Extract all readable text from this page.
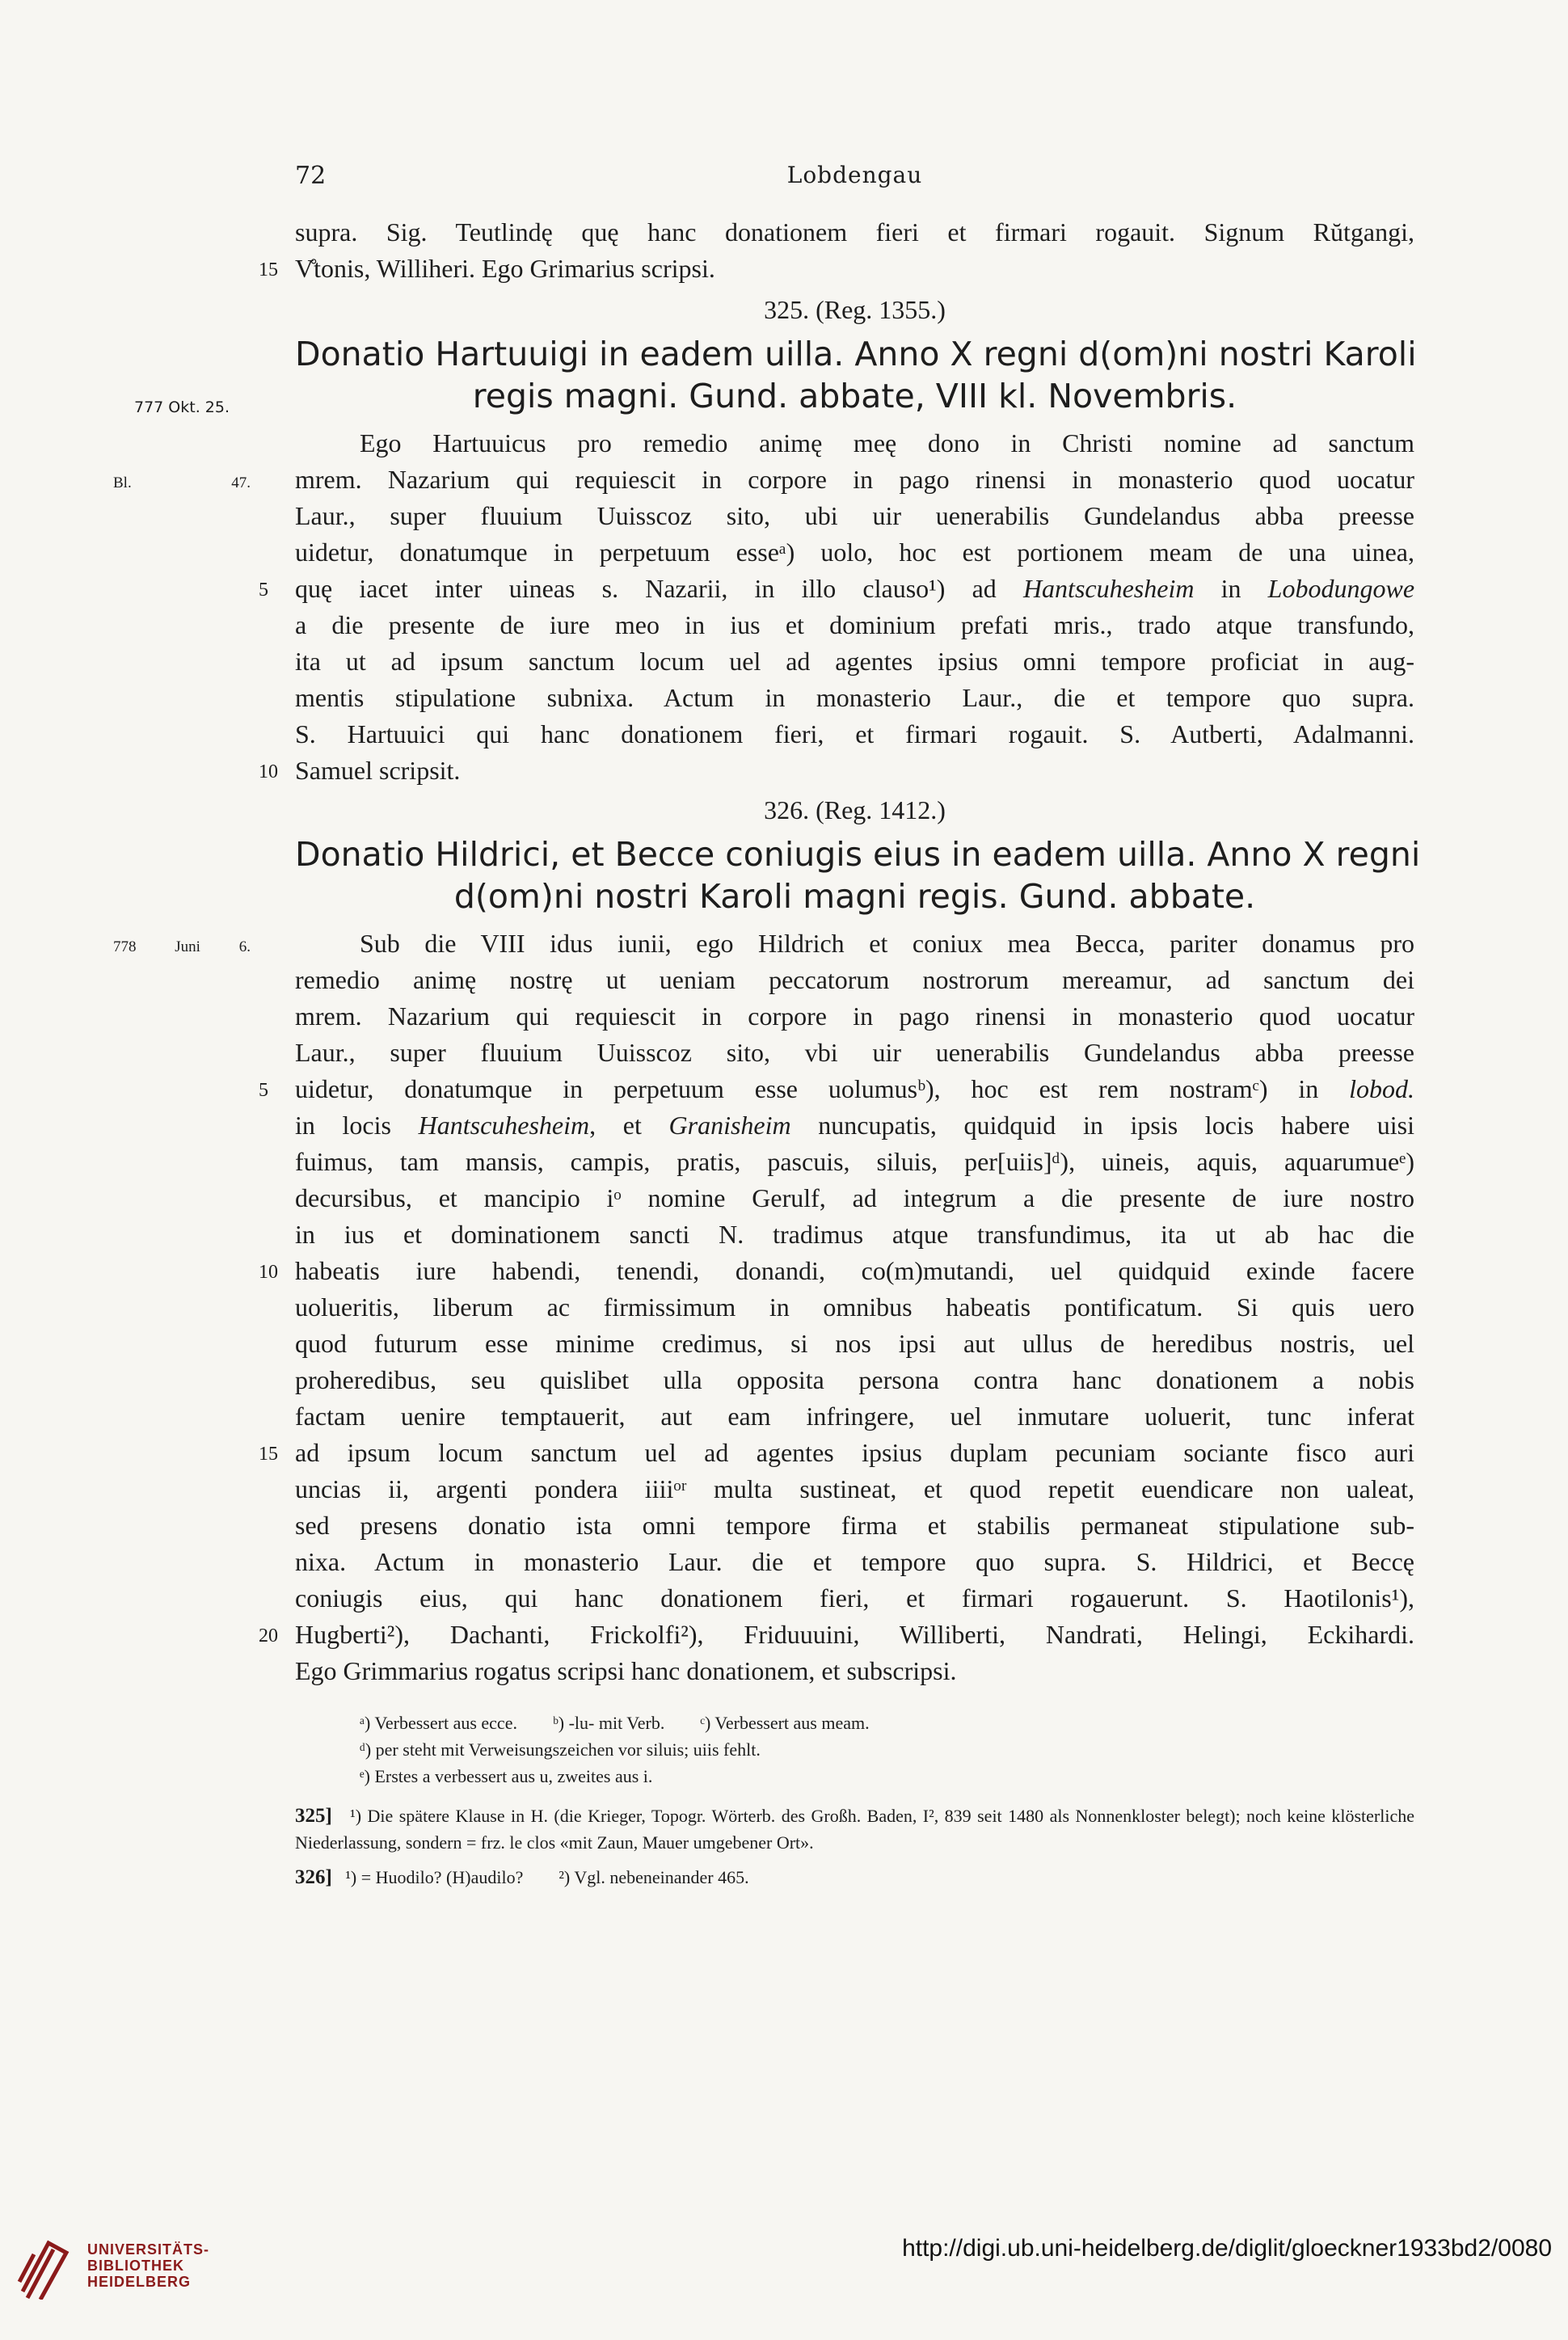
72	Lobdengau
supra. Sig. Teutlindę quę hanc donationem fieri et firmari rogauit. Signum Rŭtgangi,
15 V̊tonis, Williheri. Ego Grimarius scripsi.
325. (Reg. 1355.)
Donatio Hartuuigi in eadem uilla. Anno X regni d(om)ni nostri Karoli
777 Okt. 25.	regis magni. Gund. abbate, VIII kl. Novembris.
Ego Hartuuicus pro remedio animę meę dono in Christi nomine ad sanctum
Bl. 47. mrem. Nazarium qui requiescit in corpore in pago rinensi in monasterio quod uocatur
Laur., super fluuium Uuisscoz sito, ubi uir uenerabilis Gundelandus abba preesse
uidetur, donatumque in perpetuum esseᵃ) uolo, hoc est portionem meam de una uinea,
5 quę iacet inter uineas s. Nazarii, in illo clauso¹) ad Hantscuhesheim in Lobodungowe
a die presente de iure meo in ius et dominium prefati mris., trado atque transfundo,
ita ut ad ipsum sanctum locum uel ad agentes ipsius omni tempore proficiat in aug-
mentis stipulatione subnixa. Actum in monasterio Laur., die et tempore quo supra.
S. Hartuuici qui hanc donationem fieri, et firmari rogauit. S. Autberti, Adalmanni.
10 Samuel scripsit.
326. (Reg. 1412.)
Donatio Hildrici, et Becce coniugis eius in eadem uilla. Anno X regni
d(om)ni nostri Karoli magni regis. Gund. abbate.
778 Juni 6.	Sub die VIII idus iunii, ego Hildrich et coniux mea Becca, pariter donamus pro
remedio animę nostrę ut ueniam peccatorum nostrorum mereamur, ad sanctum dei
mrem. Nazarium qui requiescit in corpore in pago rinensi in monasterio quod uocatur
Laur., super fluuium Uuisscoz sito, vbi uir uenerabilis Gundelandus abba preesse
5 uidetur, donatumque in perpetuum esse uolumusᵇ), hoc est rem nostramᶜ) in lobod.
in locis Hantscuhesheim, et Granisheim nuncupatis, quidquid in ipsis locis habere uisi
fuimus, tam mansis, campis, pratis, pascuis, siluis, per[uiis]ᵈ), uineis, aquis, aquarumueᵉ)
decursibus, et mancipio iᵒ nomine Gerulf, ad integrum a die presente de iure nostro
in ius et dominationem sancti N. tradimus atque transfundimus, ita ut ab hac die
10 habeatis iure habendi, tenendi, donandi, co(m)mutandi, uel quidquid exinde facere
uolueritis, liberum ac firmissimum in omnibus habeatis pontificatum. Si quis uero
quod futurum esse minime credimus, si nos ipsi aut ullus de heredibus nostris, uel
proheredibus, seu quislibet ulla opposita persona contra hanc donationem a nobis
factam uenire temptauerit, aut eam infringere, uel inmutare uoluerit, tunc inferat
15 ad ipsum locum sanctum uel ad agentes ipsius duplam pecuniam sociante fisco auri
uncias ii, argenti pondera iiiiᵒʳ multa sustineat, et quod repetit euendicare non ualeat,
sed presens donatio ista omni tempore firma et stabilis permaneat stipulatione sub-
nixa. Actum in monasterio Laur. die et tempore quo supra. S. Hildrici, et Beccę
coniugis eius, qui hanc donationem fieri, et firmari rogauerunt. S. Haotilonis¹),
20 Hugberti²), Dachanti, Frickolfi²), Friduuuini, Williberti, Nandrati, Helingi, Eckihardi.
Ego Grimmarius rogatus scripsi hanc donationem, et subscripsi.
ᵃ) Verbessert aus ecce.        ᵇ) -lu- mit Verb.        ᶜ) Verbessert aus meam.
ᵈ) per steht mit Verweisungszeichen vor siluis; uiis fehlt.
ᵉ) Erstes a verbessert aus u, zweites aus i.
325] ¹) Die spätere Klause in H. (die Krieger, Topogr. Wörterb. des Großh. Baden, I², 839 seit 1480 als Nonnenkloster belegt); noch keine klösterliche Niederlassung, sondern = frz. le clos «mit Zaun, Mauer umgebener Ort».
326] ¹) = Huodilo? (H)audilo?        ²) Vgl. nebeneinander 465.
UNIVERSITÄTS-
BIBLIOTHEK
HEIDELBERG
http://digi.ub.uni-heidelberg.de/diglit/gloeckner1933bd2/0080
